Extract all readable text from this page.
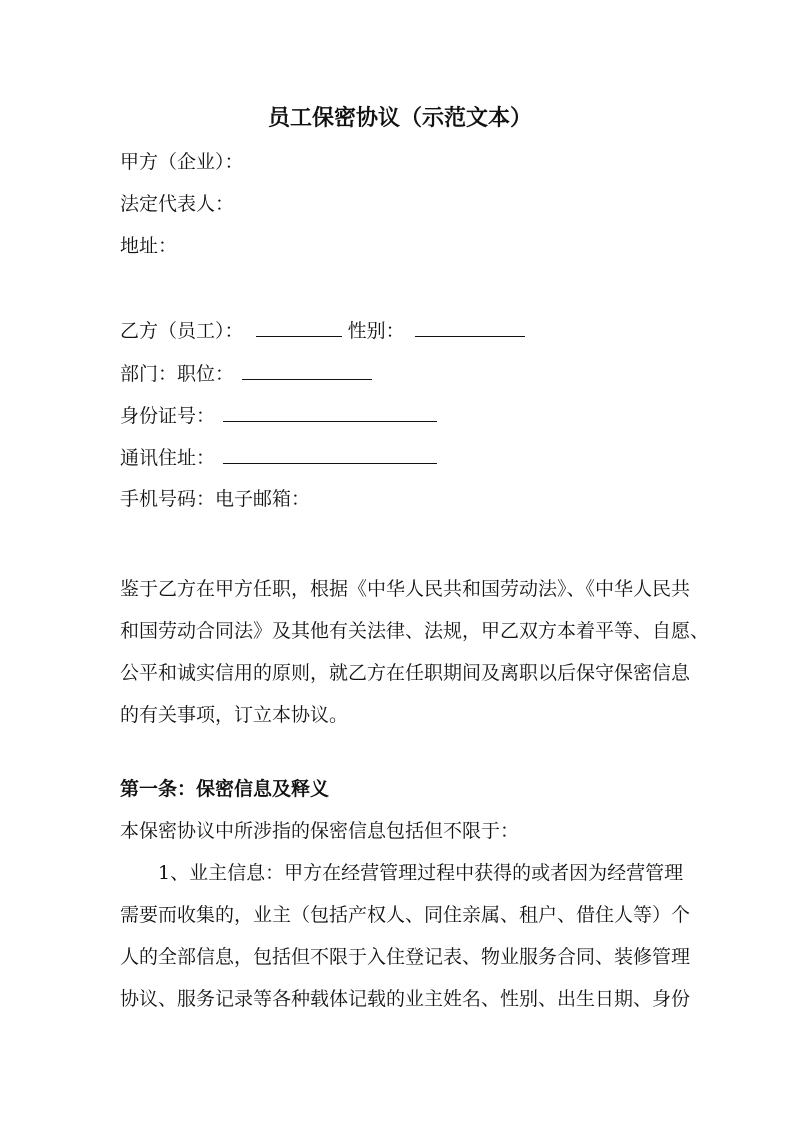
员工保密协议（示范文本）
甲方（企业）：
法定代表人：
地址：
乙方（员工）：	性别：
部门：职位：
身份证号：
通讯住址：
手机号码：电子邮箱：
鉴于乙方在甲方任职，根据《中华人民共和国劳动法》、《中华人民共
和国劳动合同法》及其他有关法律、法规，甲乙双方本着平等、自愿、
公平和诚实信用的原则，就乙方在任职期间及离职以后保守保密信息
的有关事项，订立本协议。
第一条：保密信息及释义
本保密协议中所涉指的保密信息包括但不限于：
1、业主信息：甲方在经营管理过程中获得的或者因为经营管理
需要而收集的，业主（包括产权人、同住亲属、租户、借住人等）个
人的全部信息，包括但不限于入住登记表、物业服务合同、装修管理
协议、服务记录等各种载体记载的业主姓名、性别、出生日期、身份
